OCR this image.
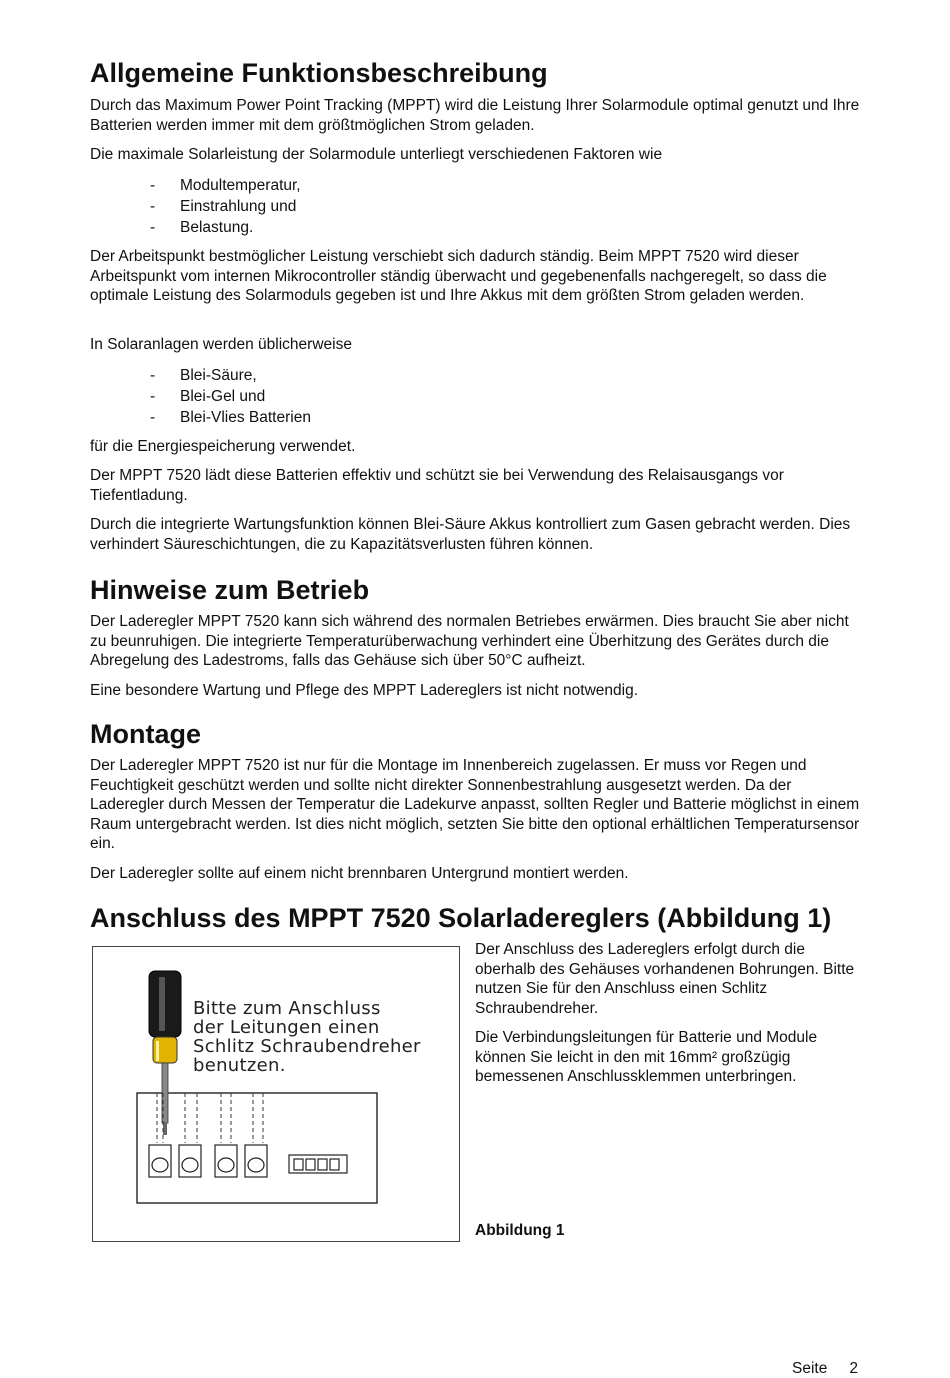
Allgemeine Funktionsbeschreibung

Durch das Maximum Power Point Tracking (MPPT) wird die Leistung Ihrer Solarmodule optimal genutzt und Ihre Batterien werden immer mit dem größtmöglichen Strom geladen.

Die maximale Solarleistung der Solarmodule unterliegt verschiedenen Faktoren wie

- Modultemperatur,
- Einstrahlung und
- Belastung.

Der Arbeitspunkt bestmöglicher Leistung verschiebt sich dadurch ständig. Beim MPPT 7520 wird dieser Arbeitspunkt vom internen Mikrocontroller ständig überwacht und gegebenenfalls nachgeregelt, so dass die optimale Leistung des Solarmoduls gegeben ist und Ihre Akkus mit dem größten Strom geladen werden.

In Solaranlagen werden üblicherweise

- Blei-Säure,
- Blei-Gel und
- Blei-Vlies Batterien

für die Energiespeicherung verwendet.

Der MPPT 7520 lädt diese Batterien effektiv und schützt sie bei Verwendung des Relaisausgangs vor Tiefentladung.

Durch die integrierte Wartungsfunktion können Blei-Säure Akkus kontrolliert zum Gasen gebracht werden. Dies verhindert Säureschichtungen, die zu Kapazitätsverlusten führen können.

Hinweise zum Betrieb

Der Laderegler MPPT 7520 kann sich während des normalen Betriebes erwärmen. Dies braucht Sie aber nicht zu beunruhigen. Die integrierte Temperaturüberwachung verhindert eine Überhitzung des Gerätes durch die Abregelung des Ladestroms, falls das Gehäuse sich über 50°C aufheizt.

Eine besondere Wartung und Pflege des MPPT Ladereglers ist nicht notwendig.

Montage

Der Laderegler MPPT 7520 ist nur für die Montage im Innenbereich zugelassen. Er muss vor Regen und Feuchtigkeit geschützt werden und sollte nicht direkter Sonnenbestrahlung ausgesetzt werden. Da der Laderegler durch Messen der Temperatur die Ladekurve anpasst, sollten Regler und Batterie möglichst in einem Raum untergebracht werden. Ist dies nicht möglich, setzten Sie bitte den optional erhältlichen Temperatursensor ein.

Der Laderegler sollte auf einem nicht brennbaren Untergrund montiert werden.

Anschluss des MPPT 7520 Solarladereglers (Abbildung 1)
Bitte zum Anschluss
der Leitungen einen
Schlitz Schraubendreher
benutzen.

Der Anschluss des Ladereglers erfolgt durch die oberhalb des Gehäuses vorhandenen Bohrungen. Bitte nutzen Sie für den Anschluss einen Schlitz Schraubendreher.

Die Verbindungsleitungen für Batterie und Module können Sie leicht in den mit 16mm² großzügig bemessenen Anschlussklemmen unterbringen.

Abbildung 1
Seite 2
